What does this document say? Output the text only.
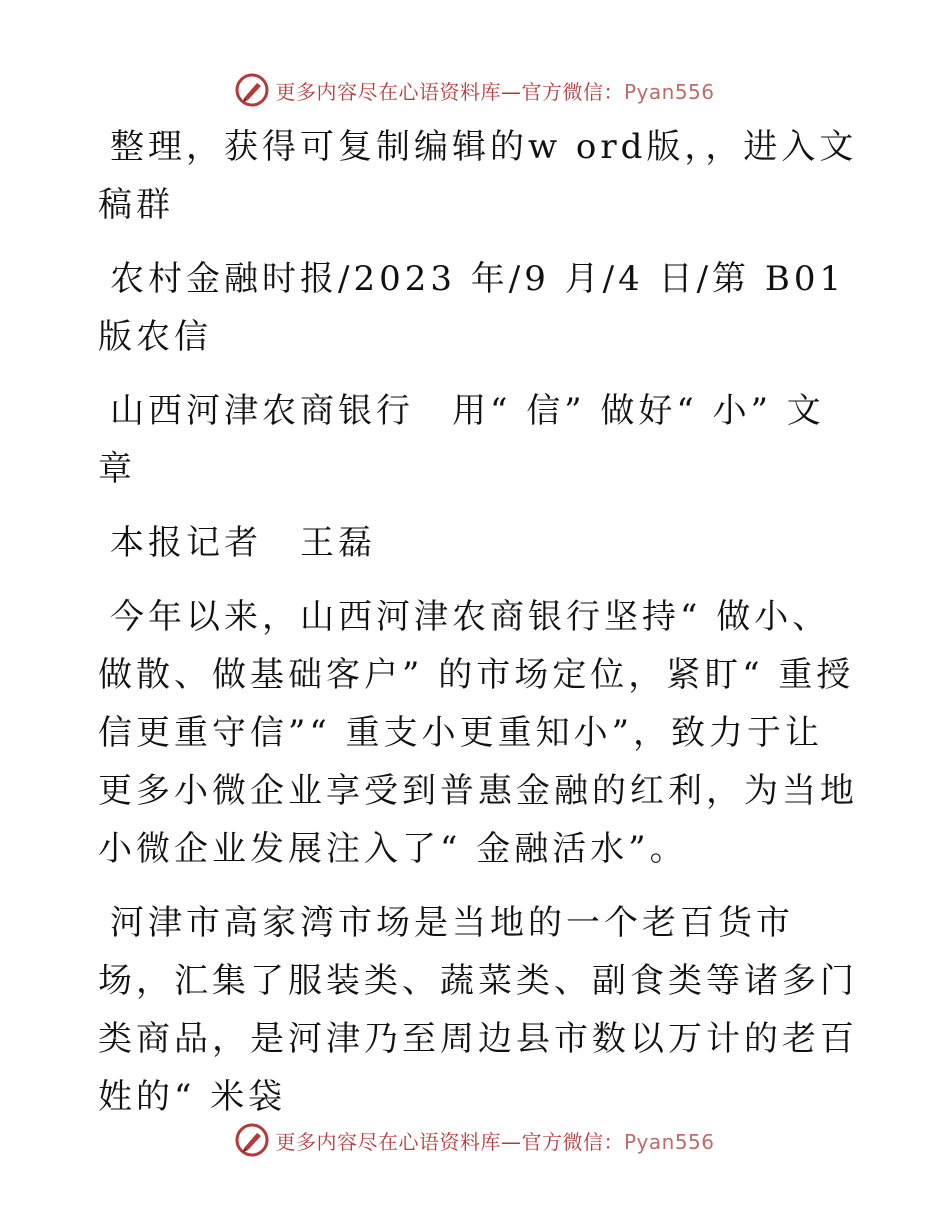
更多内容尽在心语资料库—官方微信：Pyan556

整理，获得可复制编辑的w ord版，，进入文稿群

农村金融时报/2023 年/9 月/4 日/第 B01 版农信

山西河津农商银行　用“ 信” 做好“ 小” 文章

本报记者　王磊

今年以来，山西河津农商银行坚持“ 做小、做散、做基础客户” 的市场定位，紧盯“ 重授信更重守信”“ 重支小更重知小”，致力于让更多小微企业享受到普惠金融的红利，为当地小微企业发展注入了“ 金融活水”。

河津市高家湾市场是当地的一个老百货市场，汇集了服装类、蔬菜类、副食类等诸多门类商品，是河津乃至周边县市数以万计的老百姓的“ 米袋

更多内容尽在心语资料库—官方微信：Pyan556
